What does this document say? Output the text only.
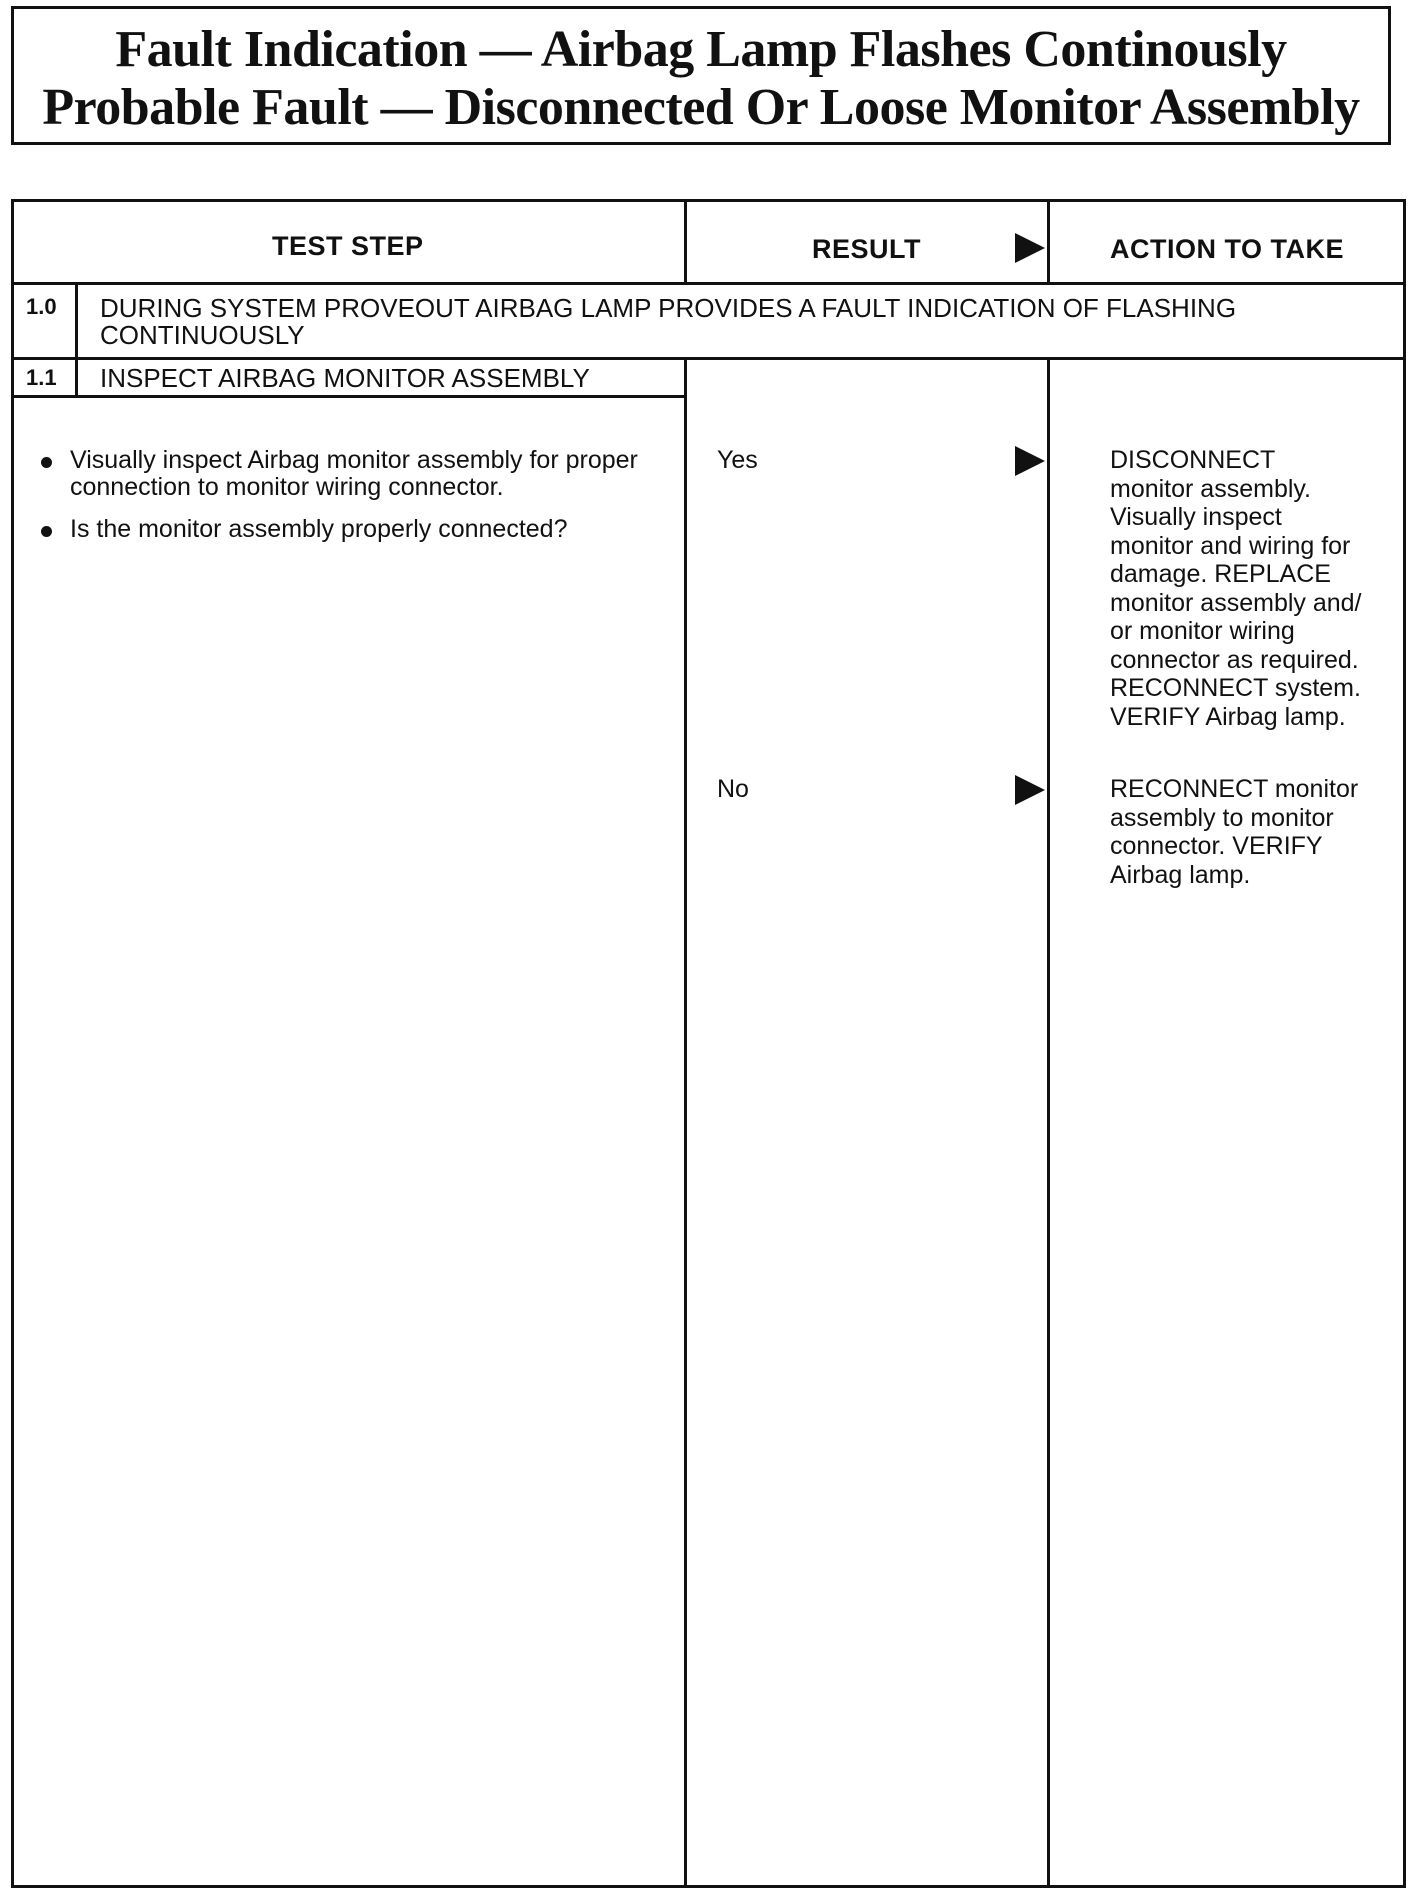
Fault Indication — Airbag Lamp Flashes Continously
Probable Fault — Disconnected Or Loose Monitor Assembly
TEST STEP	RESULT	ACTION TO TAKE
1.0 DURING SYSTEM PROVEOUT AIRBAG LAMP PROVIDES A FAULT INDICATION OF FLASHING CONTINUOUSLY
1.1 INSPECT AIRBAG MONITOR ASSEMBLY
Visually inspect Airbag monitor assembly for proper connection to monitor wiring connector.
Is the monitor assembly properly connected?
Yes	DISCONNECT
monitor assembly.
Visually inspect
monitor and wiring for
damage. REPLACE
monitor assembly and/
or monitor wiring
connector as required.
RECONNECT system.
VERIFY Airbag lamp.
No	RECONNECT monitor
assembly to monitor
connector. VERIFY
Airbag lamp.
